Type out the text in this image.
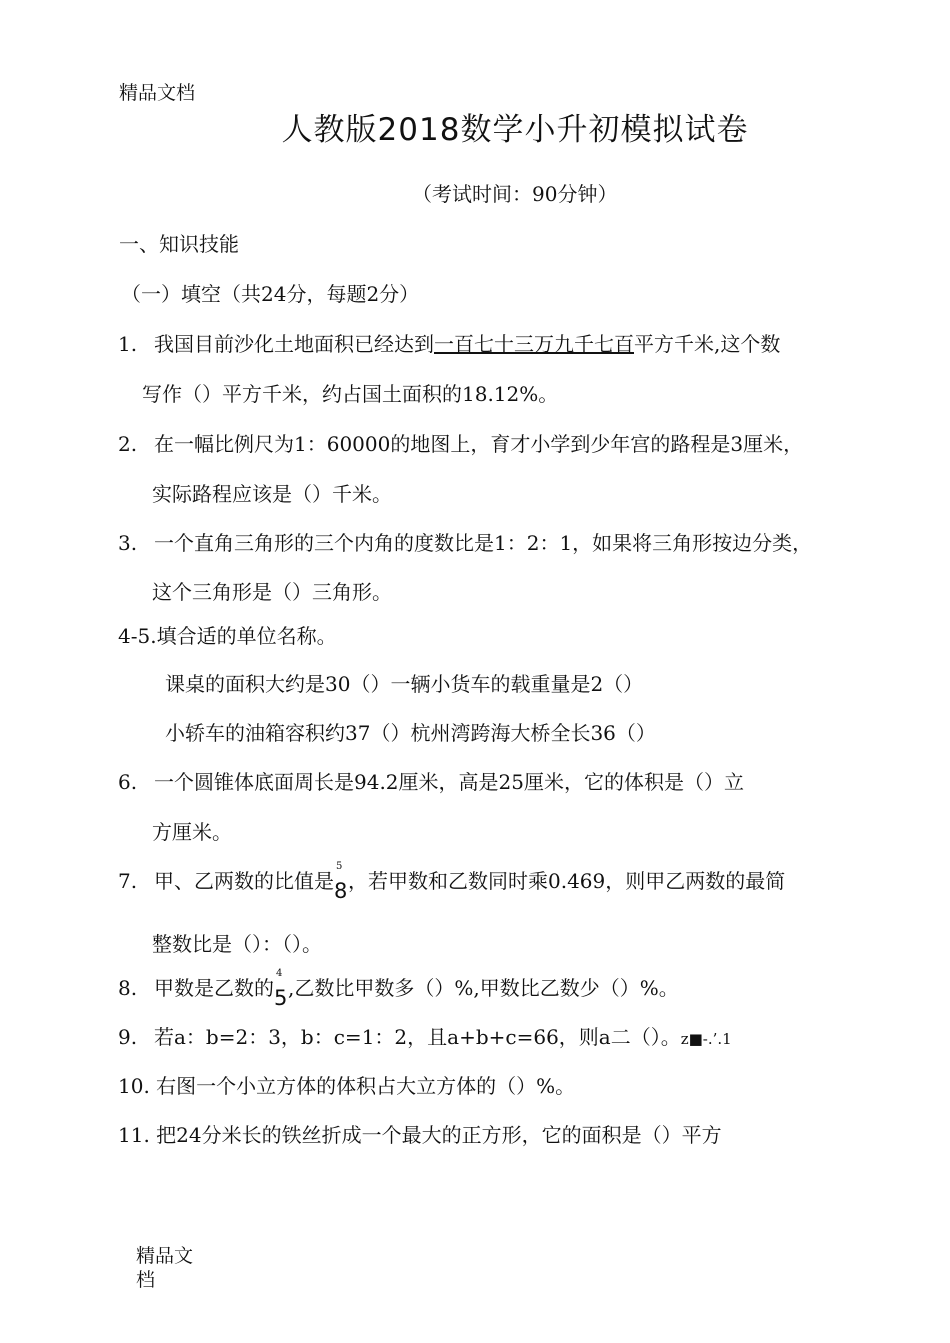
精品文档
人教版2018数学小升初模拟试卷
（考试时间：90分钟）
一、知识技能
（一）填空（共24分，每题2分）
1. 我国目前沙化土地面积已经达到一百七十三万九千七百平方千米,这个数
写作（）平方千米，约占国土面积的18.12%。
2. 在一幅比例尺为1：60000的地图上，育才小学到少年宫的路程是3厘米，
实际路程应该是（）千米。
3. 一个直角三角形的三个内角的度数比是1：2：1，如果将三角形按边分类，
这个三角形是（）三角形。
4-5.填合适的单位名称。
课桌的面积大约是30（）一辆小货车的载重量是2（）
小轿车的油箱容积约37（）杭州湾跨海大桥全长36（）
6. 一个圆锥体底面周长是94.2厘米，高是25厘米，它的体积是（）立
方厘米。
7. 甲、乙两数的比值是
5
8 ，若甲数和乙数同时乘0.469，则甲乙两数的最简
整数比是（）：（）。
8. 甲数是乙数的
4
5 ,乙数比甲数多（）%,甲数比乙数少（）%。
9. 若a：b=2：3，b：c=1：2，且a+b+c=66，则a二（）。z■-.’.1
10. 右图一个小立方体的体积占大立方体的（）%。
11. 把24分米长的铁丝折成一个最大的正方形，它的面积是（）平方
精品文档
